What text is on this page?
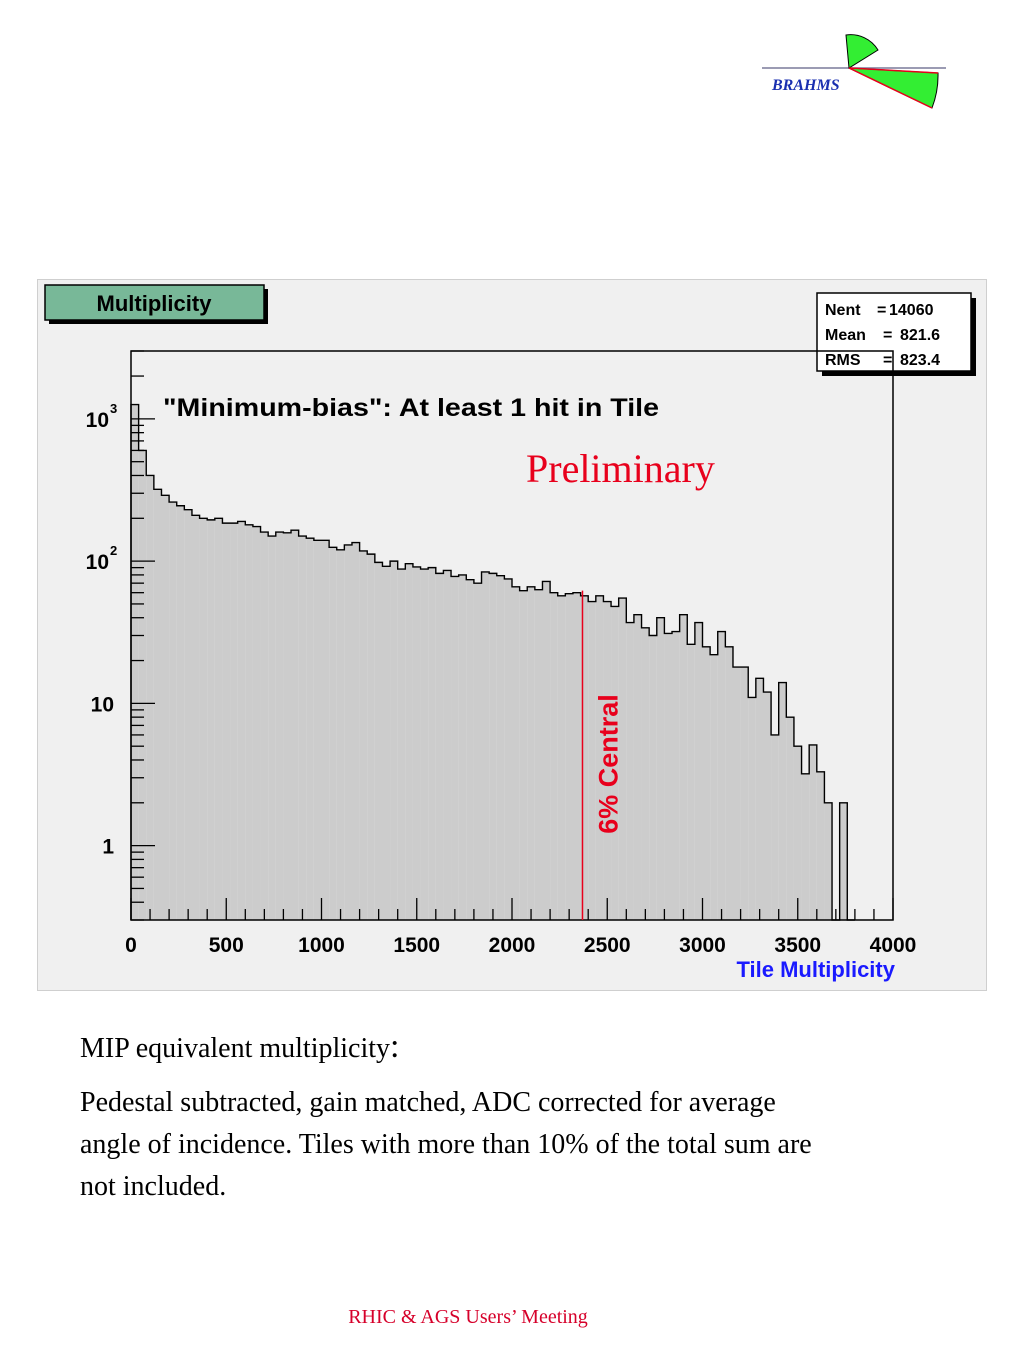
BRAHMS
Multiplicity	Nent = 14060
Mean = 821.6
RMS = 823.4
0	500	1000 1500 2000 2500 3000 3500 4000
10
3
10
2
10
1
6% Central
"Minimum-bias": At least 1 hit in Tile
Preliminary
Tile Multiplicity
MIP equivalent multiplicity:
Pedestal subtracted, gain matched, ADC corrected for average angle of incidence. Tiles with more than 10% of the total sum are not included.
RHIC & AGS Users’ Meeting
